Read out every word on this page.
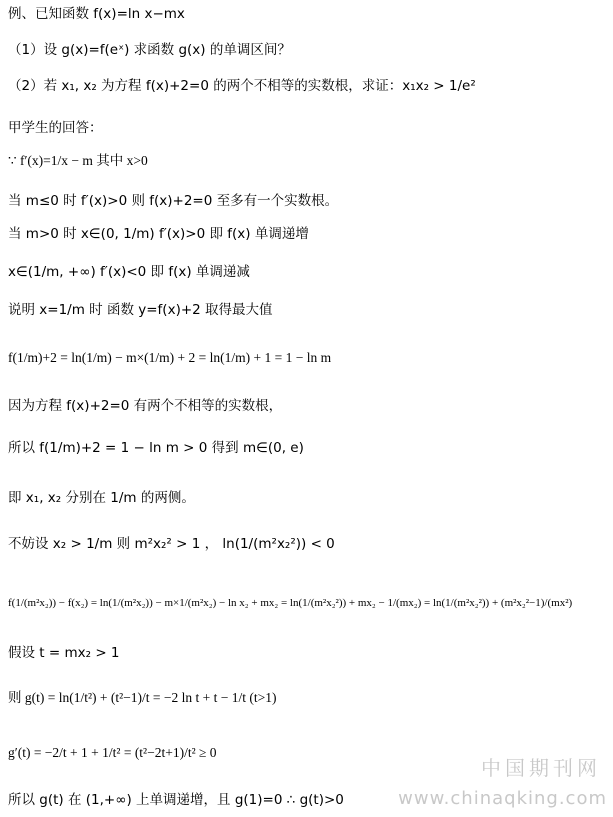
例、已知函数 f(x)=ln x−mx
（1）设 g(x)=f(eˣ) 求函数 g(x) 的单调区间？
（2）若 x₁, x₂ 为方程 f(x)+2=0 的两个不相等的实数根，求证：x₁x₂ > 1/e²
甲学生的回答：
∵ f′(x)=1/x − m 其中 x>0
当 m≤0 时 f′(x)>0 则 f(x)+2=0 至多有一个实数根。
当 m>0 时 x∈(0, 1/m) f′(x)>0 即 f(x) 单调递增
x∈(1/m, +∞) f′(x)<0 即 f(x) 单调递减
说明 x=1/m 时 函数 y=f(x)+2 取得最大值
f(1/m)+2 = ln(1/m) − m×(1/m) + 2 = ln(1/m) + 1 = 1 − ln m
因为方程 f(x)+2=0 有两个不相等的实数根，
所以 f(1/m)+2 = 1 − ln m > 0 得到 m∈(0, e)
即 x₁, x₂ 分别在 1/m 的两侧。
不妨设 x₂ > 1/m 则 m²x₂² > 1 ， ln(1/(m²x₂²)) < 0
f(1/(m²x₂)) − f(x₂) = ln(1/(m²x₂)) − m×1/(m²x₂) − ln x₂ + mx₂ = ln(1/(m²x₂²)) + mx₂ − 1/(mx₂) = ln(1/(m²x₂²)) + (m²x₂²−1)/(mx²)
假设 t = mx₂ > 1
则 g(t) = ln(1/t²) + (t²−1)/t = −2 ln t + t − 1/t (t>1)
g′(t) = −2/t + 1 + 1/t² = (t²−2t+1)/t² ≥ 0
所以 g(t) 在 (1,+∞) 上单调递增，且 g(1)=0 ∴ g(t)>0
中国期刊网
www.chinaqking.com
